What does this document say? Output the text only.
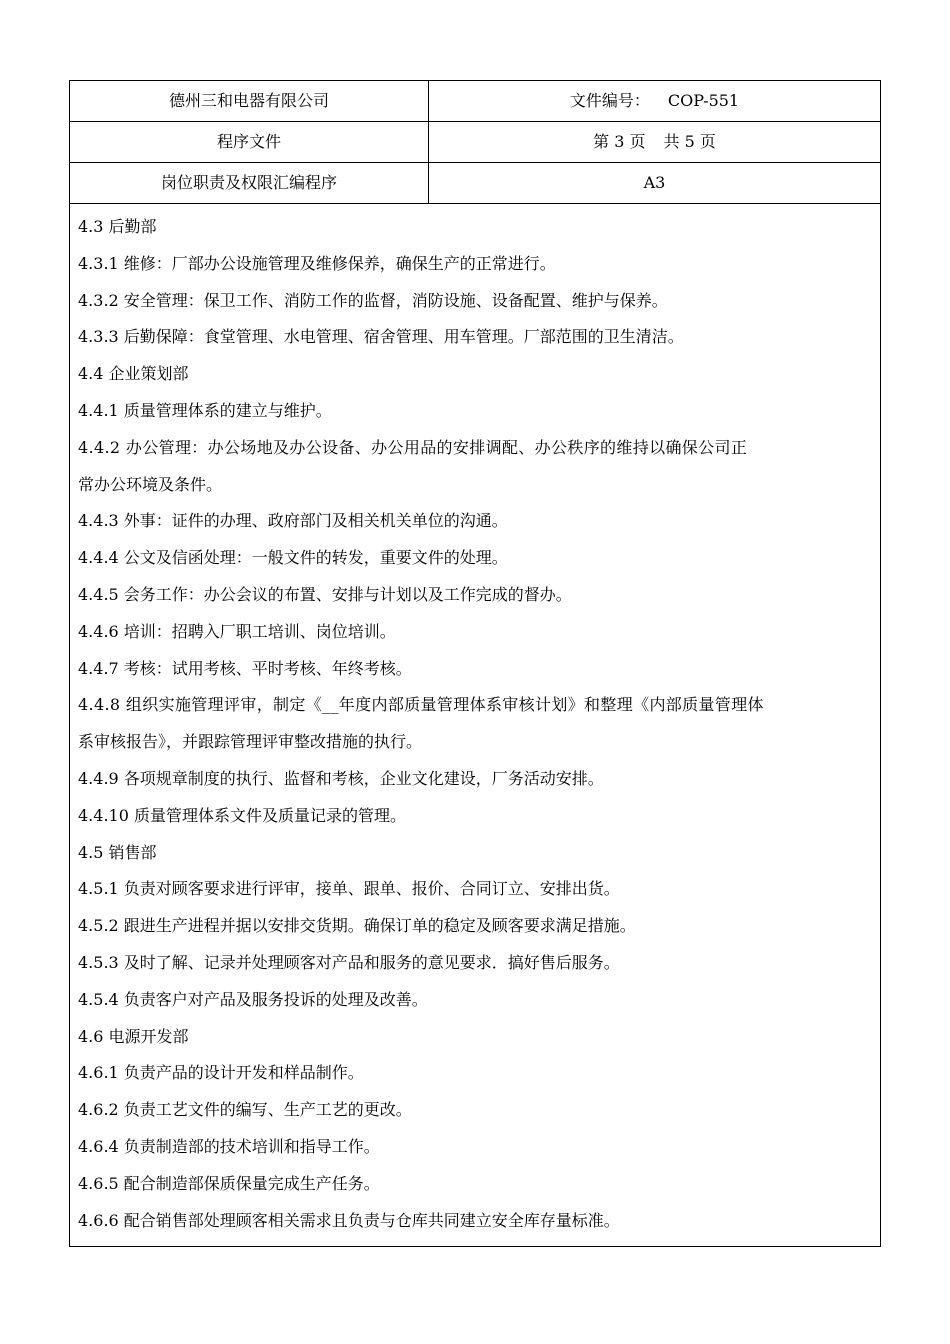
德州三和电器有限公司	文件编号： COP-551
程序文件	第 3 页 共 5 页
岗位职责及权限汇编程序	A3
4.3 后勤部
4.3.1 维修：厂部办公设施管理及维修保养，确保生产的正常进行。
4.3.2 安全管理：保卫工作、消防工作的监督，消防设施、设备配置、维护与保养。
4.3.3 后勤保障：食堂管理、水电管理、宿舍管理、用车管理。厂部范围的卫生清洁。
4.4 企业策划部
4.4.1 质量管理体系的建立与维护。
4.4.2 办公管理：办公场地及办公设备、办公用品的安排调配、办公秩序的维持以确保公司正
常办公环境及条件。
4.4.3 外事：证件的办理、政府部门及相关机关单位的沟通。
4.4.4 公文及信函处理：一般文件的转发，重要文件的处理。
4.4.5 会务工作：办公会议的布置、安排与计划以及工作完成的督办。
4.4.6 培训：招聘入厂职工培训、岗位培训。
4.4.7 考核：试用考核、平时考核、年终考核。
4.4.8 组织实施管理评审，制定《__年度内部质量管理体系审核计划》和整理《内部质量管理体
系审核报告》，并跟踪管理评审整改措施的执行。
4.4.9 各项规章制度的执行、监督和考核，企业文化建设，厂务活动安排。
4.4.10 质量管理体系文件及质量记录的管理。
4.5 销售部
4.5.1 负责对顾客要求进行评审，接单、跟单、报价、合同订立、安排出货。
4.5.2 跟进生产进程并据以安排交货期。确保订单的稳定及顾客要求满足措施。
4.5.3 及时了解、记录并处理顾客对产品和服务的意见要求．搞好售后服务。
4.5.4 负责客户对产品及服务投诉的处理及改善。
4.6 电源开发部
4.6.1 负责产品的设计开发和样品制作。
4.6.2 负责工艺文件的编写、生产工艺的更改。
4.6.4 负责制造部的技术培训和指导工作。
4.6.5 配合制造部保质保量完成生产任务。
4.6.6 配合销售部处理顾客相关需求且负责与仓库共同建立安全库存量标准。
